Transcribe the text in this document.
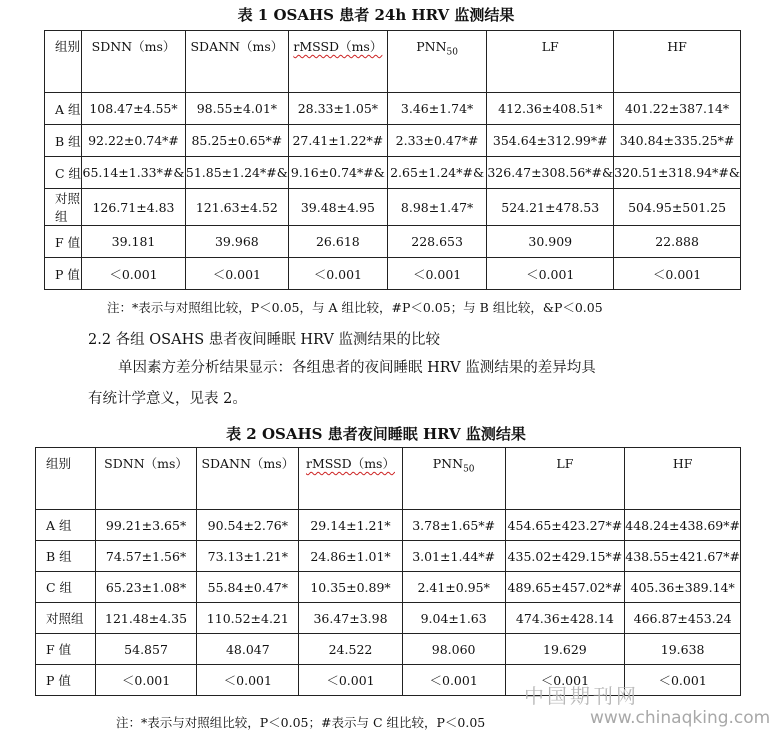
表 1 OSAHS 患者 24h HRV 监测结果
组别	SDNN（ms）	SDANN（ms）	rMSSD（ms）	$PNN_{50}$	LF	HF
A 组	108.47±4.55*	98.55±4.01*	28.33±1.05*	3.46±1.74*	412.36±408.51*	401.22±387.14*
B 组	92.22±0.74*#	85.25±0.65*#	27.41±1.22*#	2.33±0.47*#	354.64±312.99*#	340.84±335.25*#
C 组	65.14±1.33*#&	51.85±1.24*#&	9.16±0.74*#&	2.65±1.24*#&	326.47±308.56*#&	320.51±318.94*#&
对照组	126.71±4.83	121.63±4.52	39.48±4.95	8.98±1.47*	524.21±478.53	504.95±501.25
F 值	39.181	39.968	26.618	228.653	30.909	22.888
P 值	＜0.001	＜0.001	＜0.001	＜0.001	＜0.001	＜0.001
注：*表示与对照组比较，P＜0.05，与 A 组比较，#P＜0.05；与 B 组比较，&P＜0.05
2.2 各组 OSAHS 患者夜间睡眠 HRV 监测结果的比较
单因素方差分析结果显示：各组患者的夜间睡眠 HRV 监测结果的差异均具
有统计学意义，见表 2。
表 2 OSAHS 患者夜间睡眠 HRV 监测结果
组别	SDNN（ms）	SDANN（ms）	rMSSD（ms）	$PNN_{50}$	LF	HF
A 组	99.21±3.65*	90.54±2.76*	29.14±1.21*	3.78±1.65*#	454.65±423.27*#	448.24±438.69*#
B 组	74.57±1.56*	73.13±1.21*	24.86±1.01*	3.01±1.44*#	435.02±429.15*#	438.55±421.67*#
C 组	65.23±1.08*	55.84±0.47*	10.35±0.89*	2.41±0.95*	489.65±457.02*#	405.36±389.14*
对照组	121.48±4.35	110.52±4.21	36.47±3.98	9.04±1.63	474.36±428.14	466.87±453.24
F 值	54.857	48.047	24.522	98.060	19.629	19.638
P 值	＜0.001	＜0.001	＜0.001	＜0.001	＜0.001	＜0.001
注：*表示与对照组比较，P＜0.05；#表示与 C 组比较，P＜0.05
中国期刊网
www.chinaqking.com
